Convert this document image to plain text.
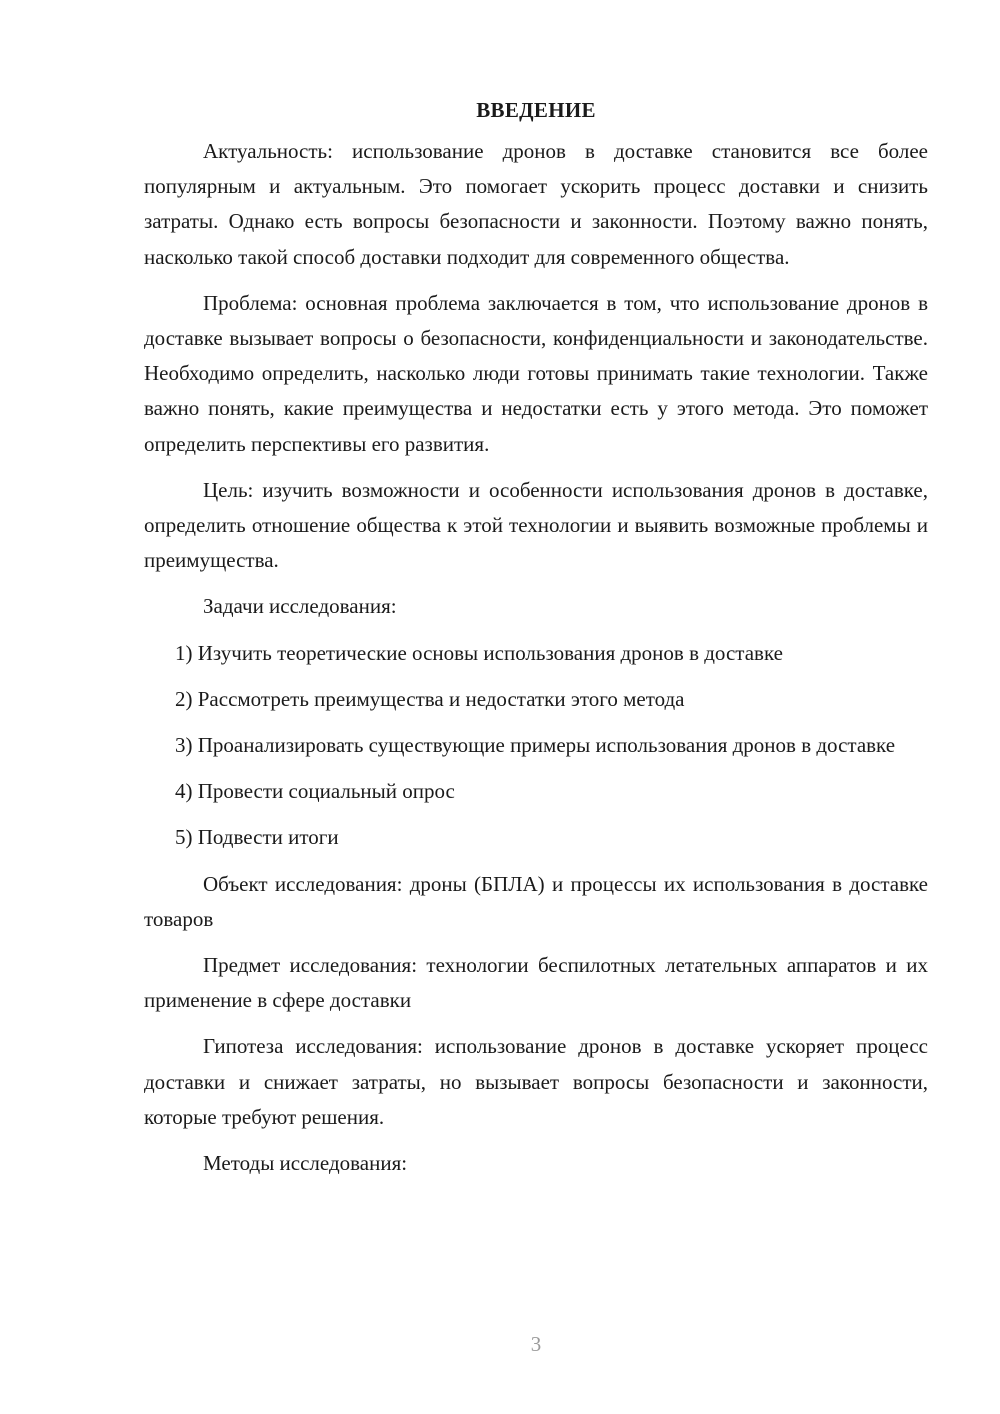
ВВЕДЕНИЕ

Актуальность: использование дронов в доставке становится все более популярным и актуальным. Это помогает ускорить процесс доставки и снизить затраты. Однако есть вопросы безопасности и законности. Поэтому важно понять, насколько такой способ доставки подходит для современного общества.

Проблема: основная проблема заключается в том, что использование дронов в доставке вызывает вопросы о безопасности, конфиденциальности и законодательстве. Необходимо определить, насколько люди готовы принимать такие технологии. Также важно понять, какие преимущества и недостатки есть у этого метода. Это поможет определить перспективы его развития.

Цель: изучить возможности и особенности использования дронов в доставке, определить отношение общества к этой технологии и выявить возможные проблемы и преимущества.

Задачи исследования:

1) Изучить теоретические основы использования дронов в доставке

2) Рассмотреть преимущества и недостатки этого метода

3) Проанализировать существующие примеры использования дронов в доставке

4) Провести социальный опрос

5) Подвести итоги

Объект исследования: дроны (БПЛА) и процессы их использования в доставке товаров

Предмет исследования: технологии беспилотных летательных аппаратов и их применение в сфере доставки

Гипотеза исследования: использование дронов в доставке ускоряет процесс доставки и снижает затраты, но вызывает вопросы безопасности и законности, которые требуют решения.

Методы исследования:

3
